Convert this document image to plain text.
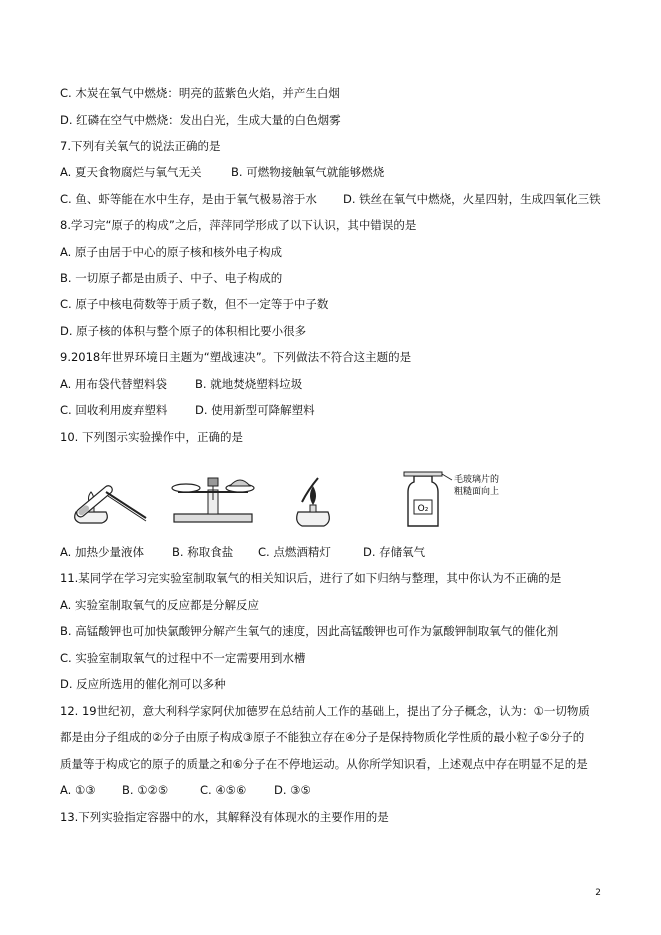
C. 木炭在氧气中燃烧：明亮的蓝紫色火焰，并产生白烟
D. 红磷在空气中燃烧：发出白光，生成大量的白色烟雾
7.下列有关氧气的说法正确的是
A. 夏天食物腐烂与氧气无关	B. 可燃物接触氧气就能够燃烧
C. 鱼、虾等能在水中生存，是由于氧气极易溶于水 D. 铁丝在氧气中燃烧，火星四射，生成四氧化三铁
8.学习完“原子的构成”之后，萍萍同学形成了以下认识，其中错误的是
A. 原子由居于中心的原子核和核外电子构成
B. 一切原子都是由质子、中子、电子构成的
C. 原子中核电荷数等于质子数，但不一定等于中子数
D. 原子核的体积与整个原子的体积相比要小很多
9.2018年世界环境日主题为“塑战速决”。下列做法不符合这主题的是
A. 用布袋代替塑料袋 B. 就地焚烧塑料垃圾
C. 回收利用废弃塑料 D. 使用新型可降解塑料
10. 下列图示实验操作中，正确的是
O₂
毛玻璃片的
粗糙面向上
A. 加热少量液体 B. 称取食盐 C. 点燃酒精灯	D. 存储氧气
11.某同学在学习完实验室制取氧气的相关知识后，进行了如下归纳与整理，其中你认为不正确的是
A. 实验室制取氧气的反应都是分解反应
B. 高锰酸钾也可加快氯酸钾分解产生氧气的速度，因此高锰酸钾也可作为氯酸钾制取氧气的催化剂
C. 实验室制取氧气的过程中不一定需要用到水槽
D. 反应所选用的催化剂可以多种
12. 19世纪初，意大利科学家阿伏加德罗在总结前人工作的基础上，提出了分子概念，认为：①一切物质
都是由分子组成的②分子由原子构成③原子不能独立存在④分子是保持物质化学性质的最小粒子⑤分子的
质量等于构成它的原子的质量之和⑥分子在不停地运动。从你所学知识看，上述观点中存在明显不足的是
A. ①③ B. ①②⑤	C. ④⑤⑥ D. ③⑤
13.下列实验指定容器中的水，其解释没有体现水的主要作用的是
2
